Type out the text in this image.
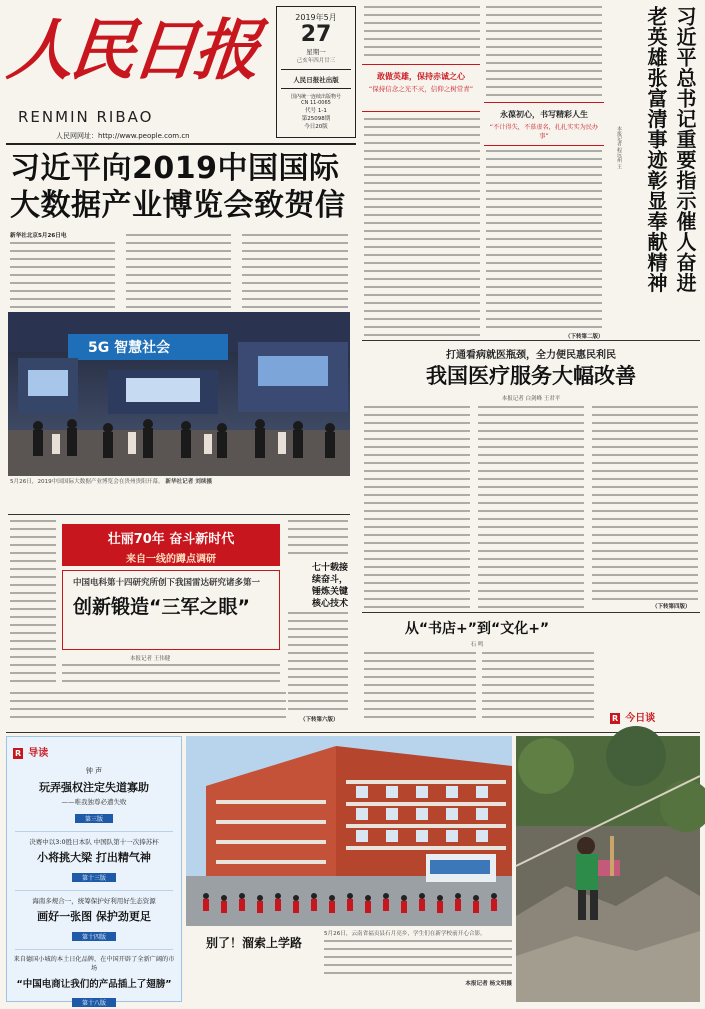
人民日报
RENMIN RIBAO
人民网网址：http://www.people.com.cn
2019年5月
27
星期一
己亥年四月廿三
人民日报社出版
国内统一连续出版物号
CN 11-0065
代号 1-1
第25098期
今日20版
习近平向2019中国国际大数据产业博览会致贺信
新华社北京5月26日电
5G 智慧社会
5月26日，2019中国国际大数据产业博览会在贵州贵阳开幕。 新华社记者 刘续摄
壮丽70年 奋斗新时代
来自一线的蹲点调研
中国电科第十四研究所创下我国雷达研究诸多第一
创新锻造“三军之眼”
本报记者 王伟健
（下转第六版）
七十载接续奋斗，锤炼关键核心技术
敢做英雄，保持赤诚之心
“保持信念之光不灭，信仰之树常青”
永葆初心，书写精彩人生
“不计得失，不慕虚名，扎扎实实为民办事”
（下转第二版）
习近平总书记重要指示催人奋进
老英雄张富清事迹彰显奉献精神
本报记者 程远州 王
打通看病就医瓶颈，全力便民惠民利民
我国医疗服务大幅改善
本报记者 白剑峰 王君平
（下转第四版）
从“书店+”到“文化+”
石 鸣
R 今日谈
R 导读
钟 声
玩弄强权注定失道寡助
——唯我独尊必遭失败
第三版
决赛中以3:0胜日本队 中国队第十一次捧苏杯
小将挑大梁 打出精气神
第十三版
海南多规合一，统筹保护好利用好生态资源
画好一张图 保护劲更足
第十四版
来自德国小城的本土日化品牌，在中国开辟了全新广阔的市场
“中国电商让我们的产品插上了翅膀”
第十八版
别了！溜索上学路
5月26日，云南省福贡县石月亮乡，学生们在新学校前开心合影。
本报记者 杨文明摄
